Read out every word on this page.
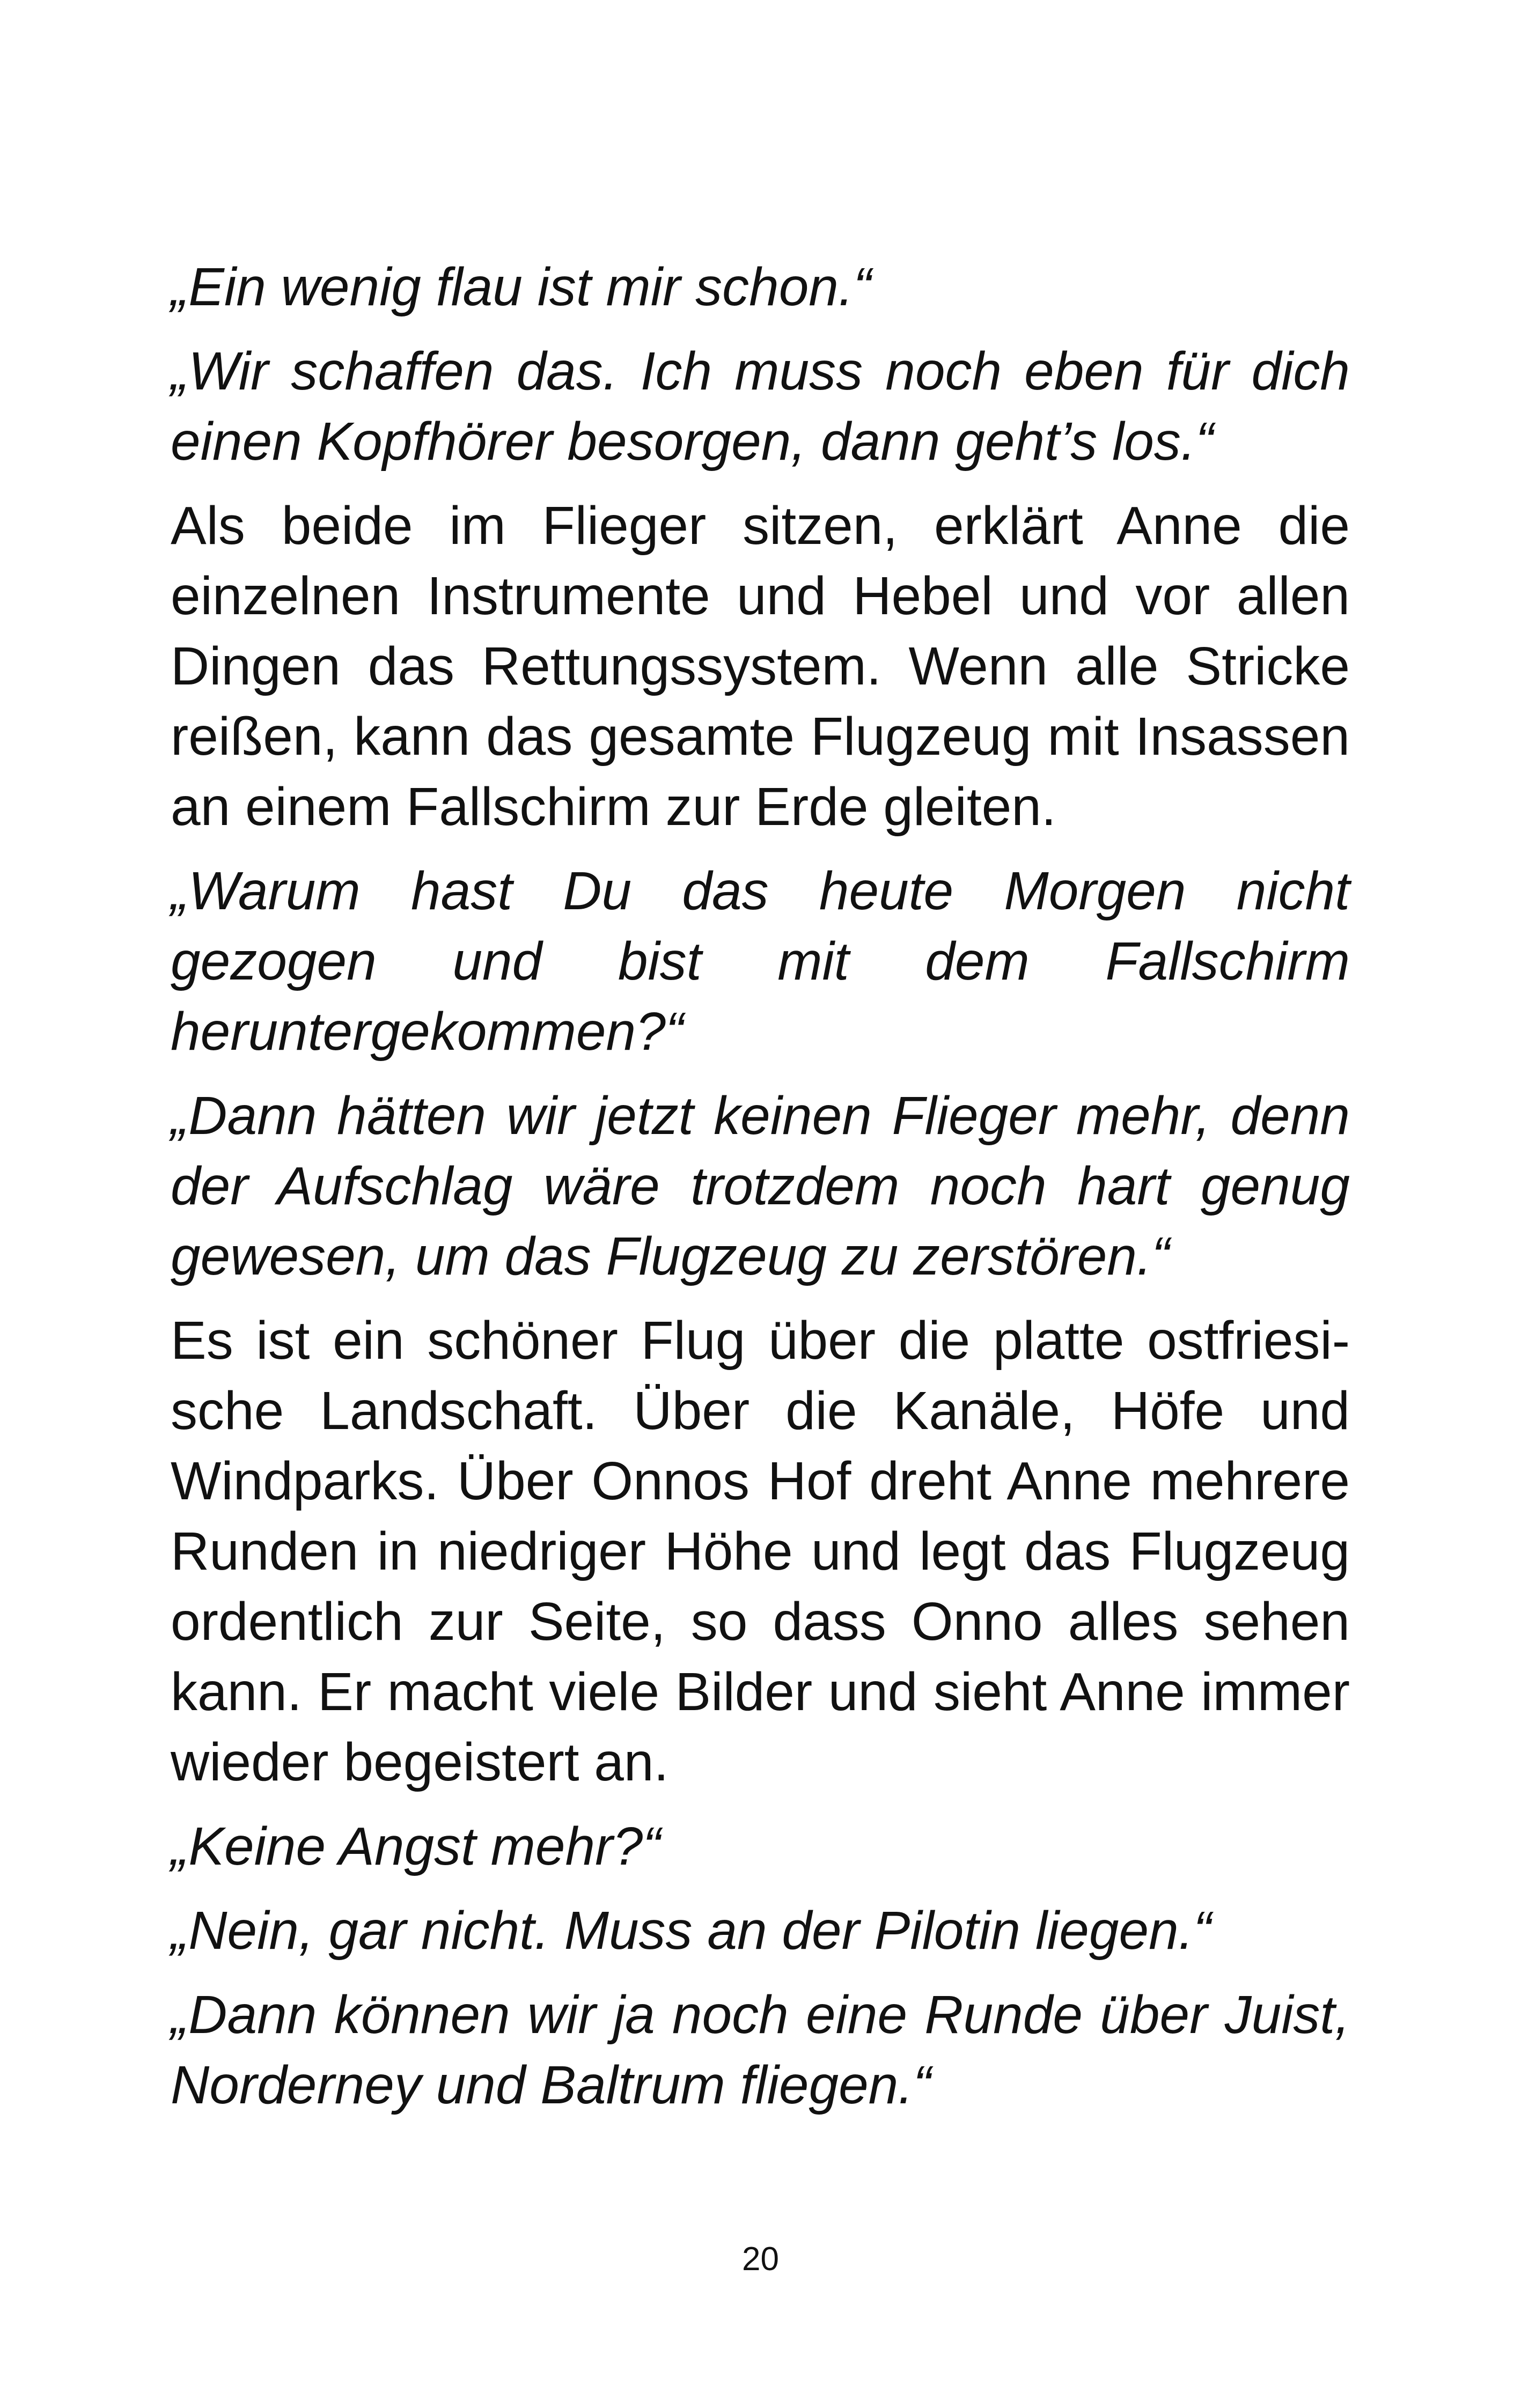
„Ein wenig flau ist mir schon.“

„Wir schaffen das. Ich muss noch eben für dich einen Kopfhörer besorgen, dann geht’s los.“

Als beide im Flieger sitzen, erklärt Anne die einzelnen Instrumente und Hebel und vor allen Dingen das Rettungssystem. Wenn alle Stricke reißen, kann das gesamte Flugzeug mit Insassen an einem Fallschirm zur Erde gleiten.

„Warum hast Du das heute Morgen nicht gezogen und bist mit dem Fallschirm heruntergekommen?“

„Dann hätten wir jetzt keinen Flieger mehr, denn der Aufschlag wäre trotzdem noch hart genug gewesen, um das Flugzeug zu zerstören.“

Es ist ein schöner Flug über die platte ostfriesische Landschaft. Über die Kanäle, Höfe und Windparks. Über Onnos Hof dreht Anne mehrere Runden in niedriger Höhe und legt das Flugzeug ordentlich zur Seite, so dass Onno alles sehen kann. Er macht viele Bilder und sieht Anne immer wieder begeistert an.

„Keine Angst mehr?“

„Nein, gar nicht. Muss an der Pilotin liegen.“

„Dann können wir ja noch eine Runde über Juist, Norderney und Baltrum fliegen.“

20
